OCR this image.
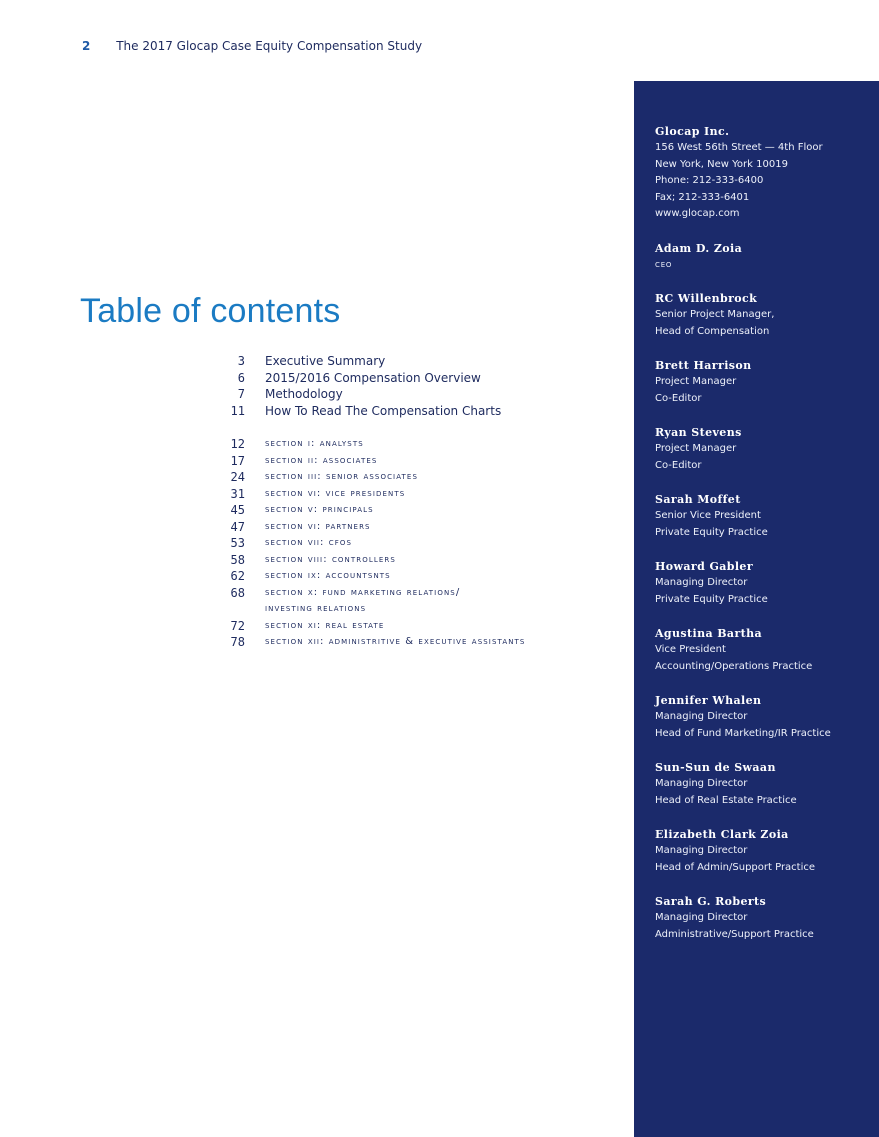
2 The 2017 Glocap Case Equity Compensation Study
Table of contents
3 Executive Summary
6 2015/2016 Compensation Overview
7 Methodology
11 How To Read The Compensation Charts
12 section i: analysts
17 section ii: associates
24 section iii: senior associates
31 section vi: vice presidents
45 section v: principals
47 section vi: partners
53 section vii: cfos
58 section viii: controllers
62 section ix: accountsnts
68 section x: fund marketing relations/
investing relations
72 section xi: real estate
78 section xii: administritive & executive assistants
Glocap Inc.
156 West 56th Street — 4th Floor
New York, New York 10019
Phone: 212-333-6400
Fax; 212-333-6401
www.glocap.com
Adam D. Zoia
ceo
RC Willenbrock
Senior Project Manager,
Head of Compensation
Brett Harrison
Project Manager
Co-Editor
Ryan Stevens
Project Manager
Co-Editor
Sarah Moffet
Senior Vice President
Private Equity Practice
Howard Gabler
Managing Director
Private Equity Practice
Agustina Bartha
Vice President
Accounting/Operations Practice
Jennifer Whalen
Managing Director
Head of Fund Marketing/IR Practice
Sun-Sun de Swaan
Managing Director
Head of Real Estate Practice
Elizabeth Clark Zoia
Managing Director
Head of Admin/Support Practice
Sarah G. Roberts
Managing Director
Administrative/Support Practice
